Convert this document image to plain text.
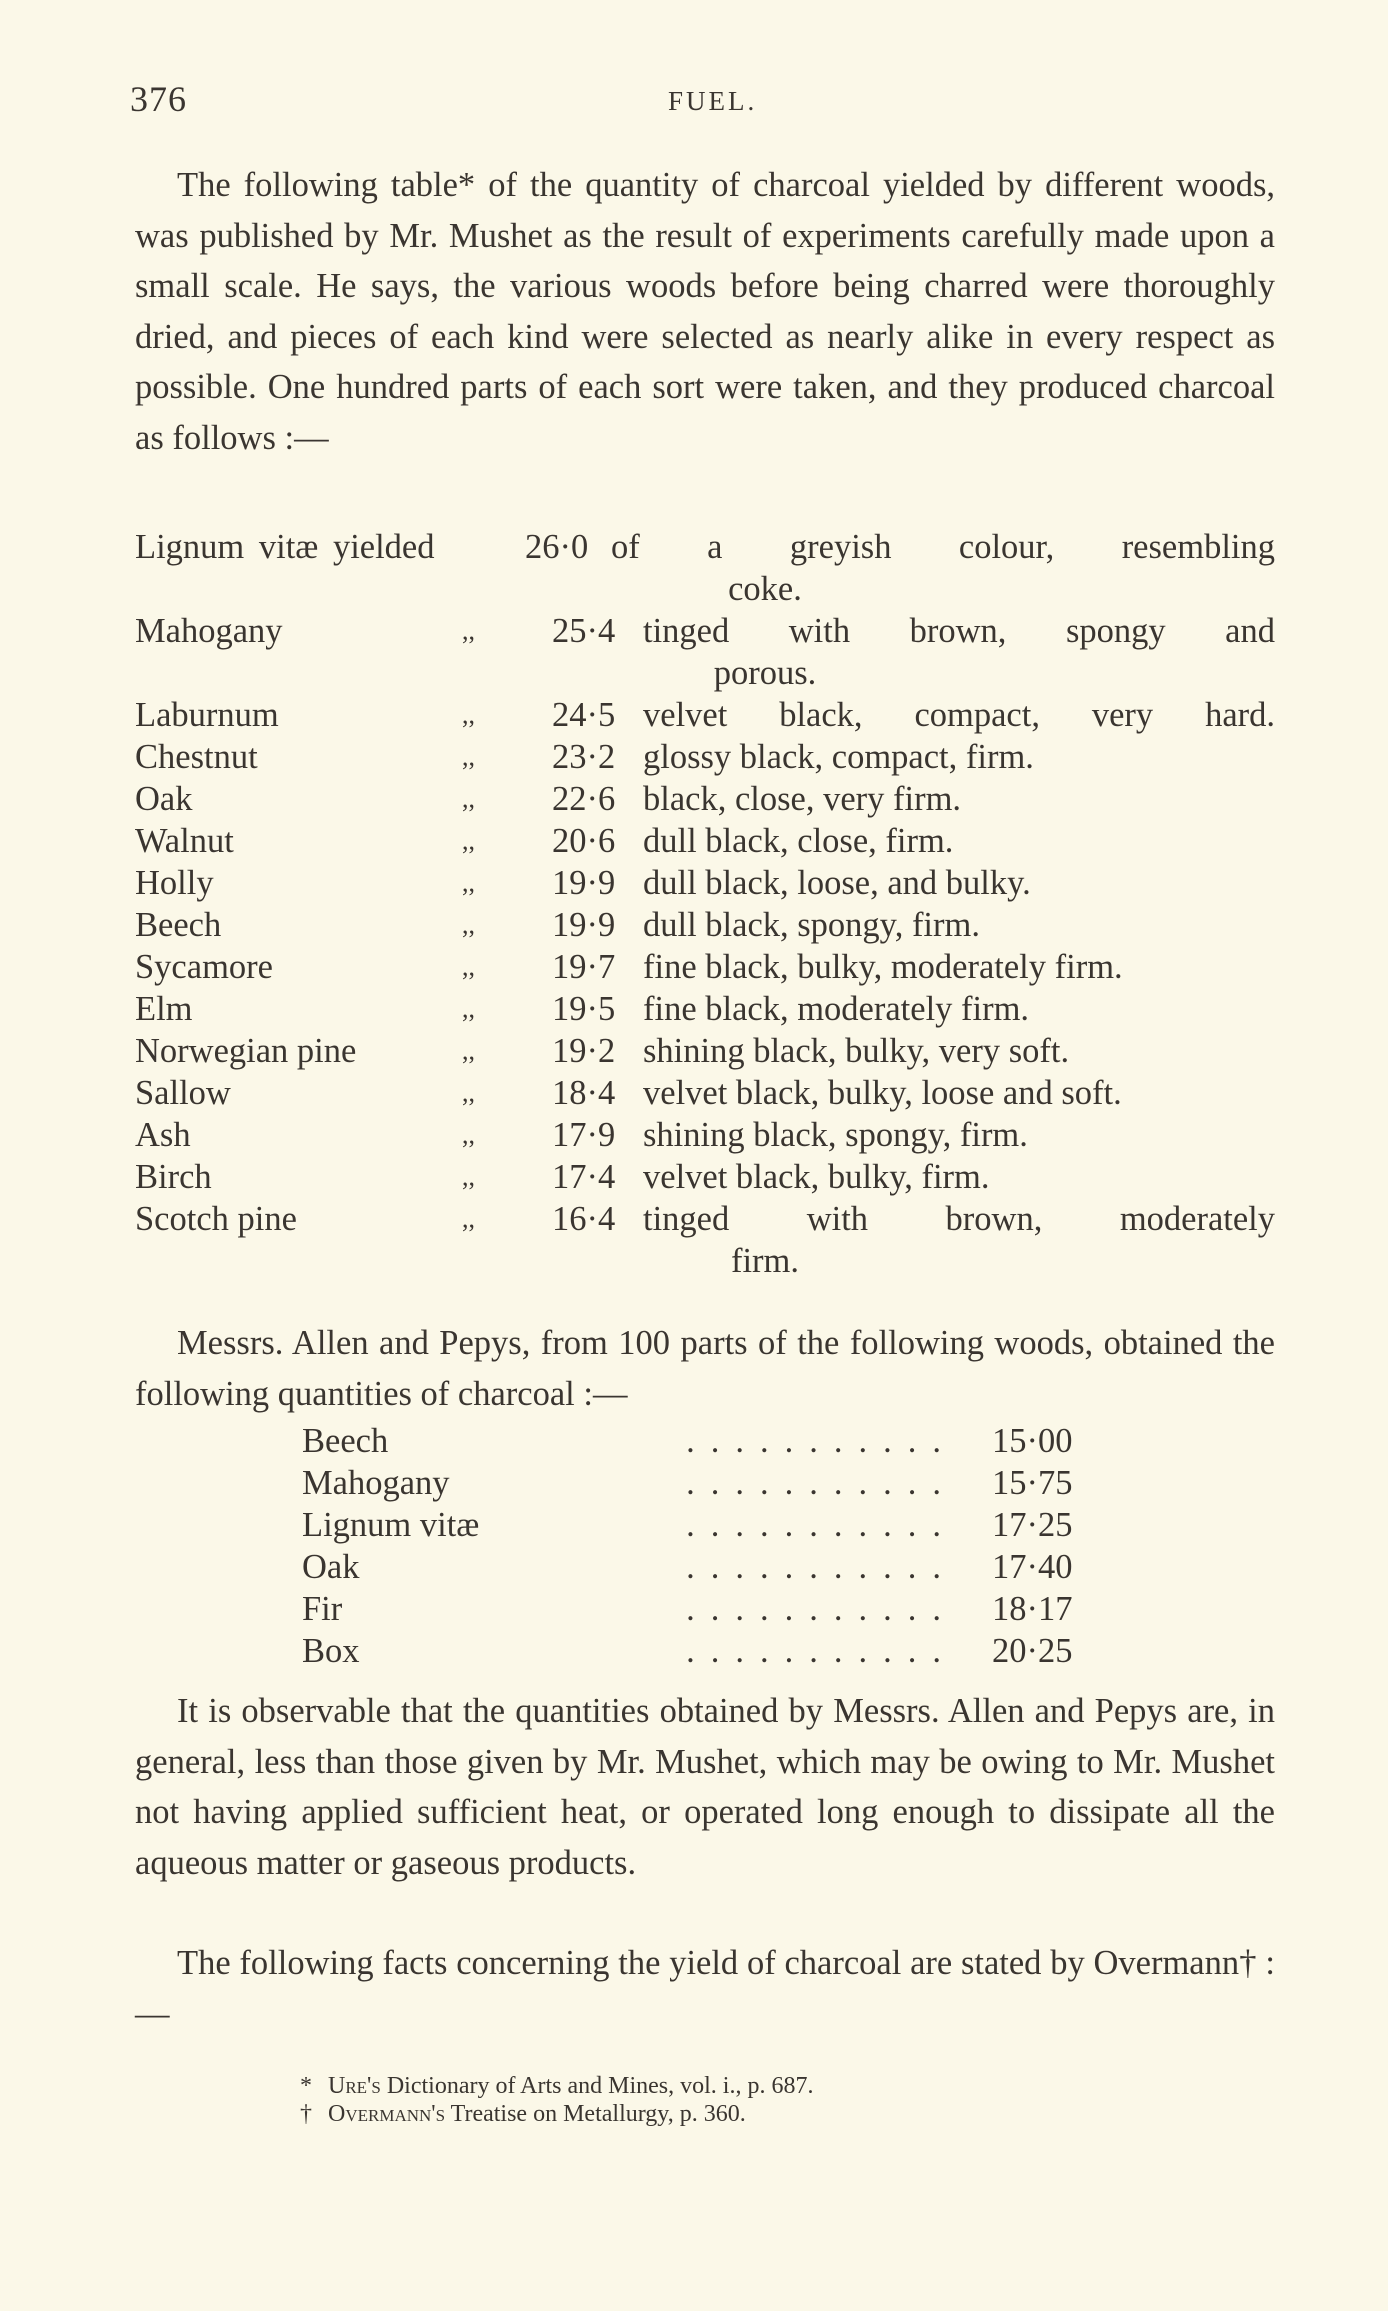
376	FUEL.

The following table* of the quantity of charcoal yielded by different woods, was published by Mr. Mushet as the result of experiments carefully made upon a small scale. He says, the various woods before being charred were thoroughly dried, and pieces of each kind were selected as nearly alike in every respect as possible. One hundred parts of each sort were taken, and they produced charcoal as follows :—

Lignum vitæ yielded	26·0 of a greyish colour, resembling
coke.
Mahogany	,, 25·4 tinged with brown, spongy and
porous.
Laburnum	,, 24·5 velvet black, compact, very hard.
Chestnut	,, 23·2 glossy black, compact, firm.
Oak	,, 22·6 black, close, very firm.
Walnut	,, 20·6 dull black, close, firm.
Holly	,, 19·9 dull black, loose, and bulky.
Beech	,, 19·9 dull black, spongy, firm.
Sycamore	,, 19·7 fine black, bulky, moderately firm.
Elm	,, 19·5 fine black, moderately firm.
Norwegian pine	,, 19·2 shining black, bulky, very soft.
Sallow	,, 18·4 velvet black, bulky, loose and soft.
Ash	,, 17·9 shining black, spongy, firm.
Birch	,, 17·4 velvet black, bulky, firm.
Scotch pine	,, 16·4 tinged with brown, moderately
firm.

Messrs. Allen and Pepys, from 100 parts of the following woods, obtained the following quantities of charcoal :—

...........
Beech	15·00
...........
Mahogany	15·75
...........
Lignum vitæ	17·25
...........
Oak	17·40
...........
Fir	18·17
...........
Box	20·25

It is observable that the quantities obtained by Messrs. Allen and Pepys are, in general, less than those given by Mr. Mushet, which may be owing to Mr. Mushet not having applied sufficient heat, or operated long enough to dissipate all the aqueous matter or gaseous products.

The following facts concerning the yield of charcoal are stated by Overmann† :—

* Ure's Dictionary of Arts and Mines, vol. i., p. 687.

† Overmann's Treatise on Metallurgy, p. 360.
